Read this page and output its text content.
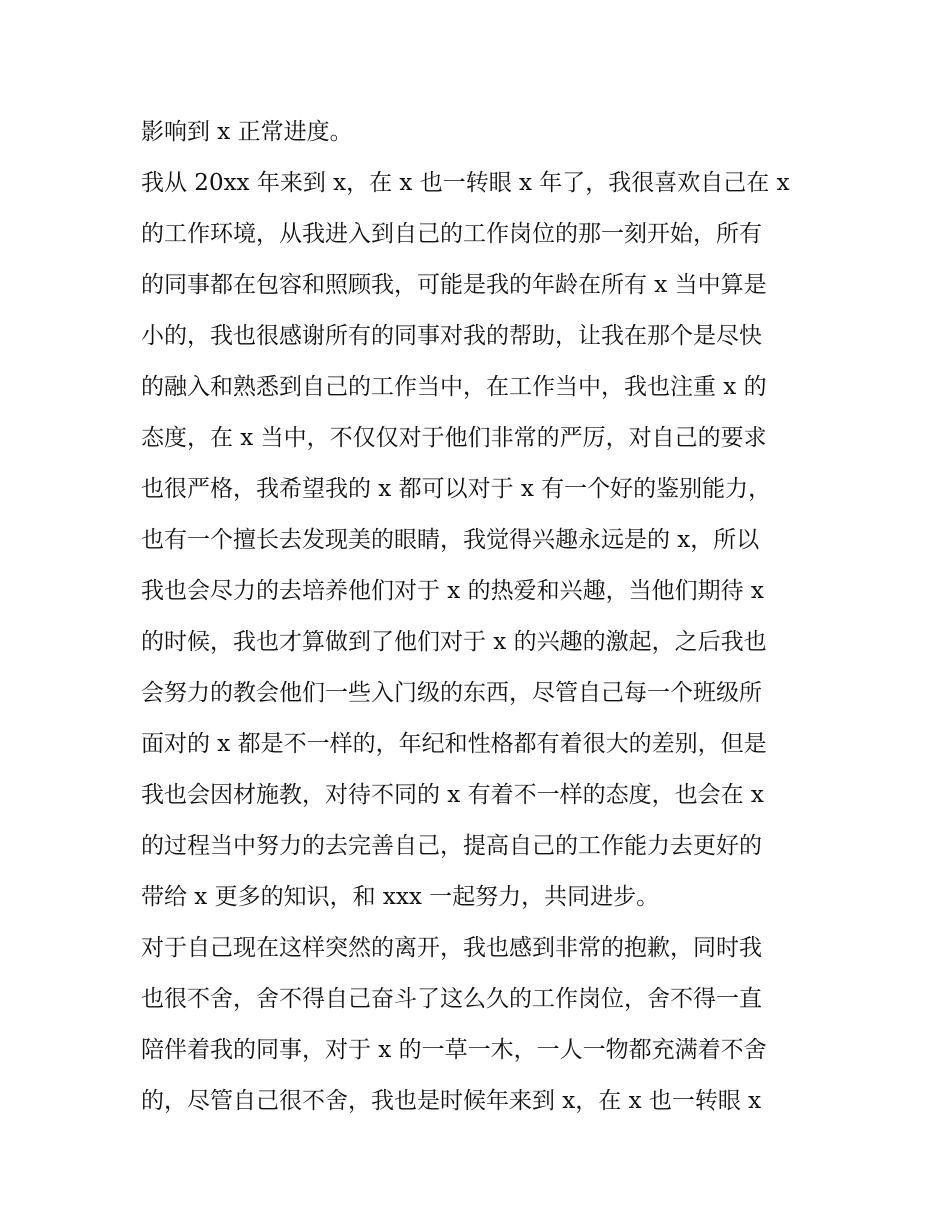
影响到 x 正常进度。
我从 20xx 年来到 x，在 x 也一转眼 x 年了，我很喜欢自己在 x
的工作环境，从我进入到自己的工作岗位的那一刻开始，所有
的同事都在包容和照顾我，可能是我的年龄在所有 x 当中算是
小的，我也很感谢所有的同事对我的帮助，让我在那个是尽快
的融入和熟悉到自己的工作当中，在工作当中，我也注重 x 的
态度，在 x 当中，不仅仅对于他们非常的严厉，对自己的要求
也很严格，我希望我的 x 都可以对于 x 有一个好的鉴别能力，
也有一个擅长去发现美的眼睛，我觉得兴趣永远是的 x，所以
我也会尽力的去培养他们对于 x 的热爱和兴趣，当他们期待 x
的时候，我也才算做到了他们对于 x 的兴趣的激起，之后我也
会努力的教会他们一些入门级的东西，尽管自己每一个班级所
面对的 x 都是不一样的，年纪和性格都有着很大的差别，但是
我也会因材施教，对待不同的 x 有着不一样的态度，也会在 x
的过程当中努力的去完善自己，提高自己的工作能力去更好的
带给 x 更多的知识，和 xxx 一起努力，共同进步。
对于自己现在这样突然的离开，我也感到非常的抱歉，同时我
也很不舍，舍不得自己奋斗了这么久的工作岗位，舍不得一直
陪伴着我的同事，对于 x 的一草一木，一人一物都充满着不舍
的，尽管自己很不舍，我也是时候年来到 x，在 x 也一转眼 x
